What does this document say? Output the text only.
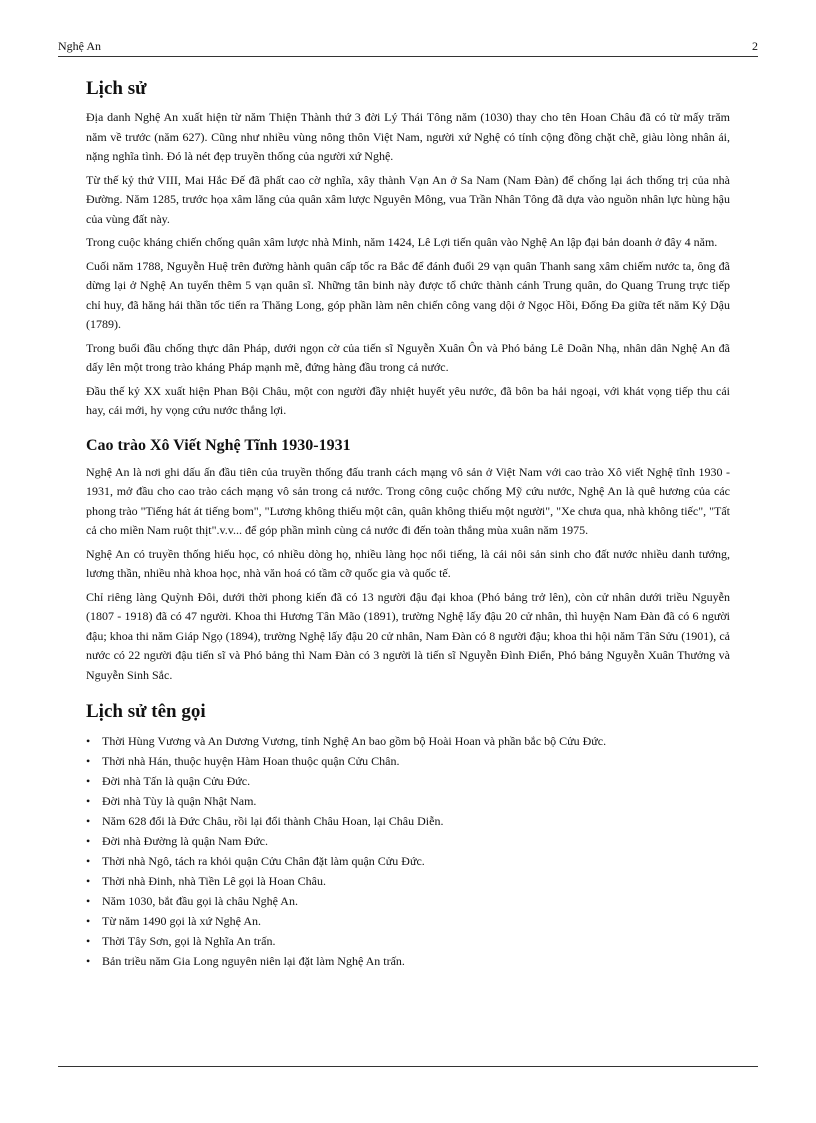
Nghệ An	2
Lịch sử

Địa danh Nghệ An xuất hiện từ năm Thiện Thành thứ 3 đời Lý Thái Tông năm (1030) thay cho tên Hoan Châu đã có từ mấy trăm năm về trước (năm 627). Cũng như nhiều vùng nông thôn Việt Nam, người xứ Nghệ có tính cộng đồng chặt chẽ, giàu lòng nhân ái, nặng nghĩa tình. Đó là nét đẹp truyền thống của người xứ Nghệ.

Từ thế kỷ thứ VIII, Mai Hắc Đế đã phất cao cờ nghĩa, xây thành Vạn An ở Sa Nam (Nam Đàn) để chống lại ách thống trị của nhà Đường. Năm 1285, trước họa xâm lăng của quân xâm lược Nguyên Mông, vua Trần Nhân Tông đã dựa vào nguồn nhân lực hùng hậu của vùng đất này.

Trong cuộc kháng chiến chống quân xâm lược nhà Minh, năm 1424, Lê Lợi tiến quân vào Nghệ An lập đại bản doanh ở đây 4 năm.

Cuối năm 1788, Nguyễn Huệ trên đường hành quân cấp tốc ra Bắc để đánh đuổi 29 vạn quân Thanh sang xâm chiếm nước ta, ông đã dừng lại ở Nghệ An tuyển thêm 5 vạn quân sĩ. Những tân binh này được tổ chức thành cánh Trung quân, do Quang Trung trực tiếp chỉ huy, đã hăng hái thần tốc tiến ra Thăng Long, góp phần làm nên chiến công vang dội ở Ngọc Hồi, Đống Đa giữa tết năm Kỷ Dậu (1789).

Trong buổi đầu chống thực dân Pháp, dưới ngọn cờ của tiến sĩ Nguyễn Xuân Ôn và Phó bảng Lê Doãn Nhạ, nhân dân Nghệ An đã dấy lên một trong trào kháng Pháp mạnh mẽ, đứng hàng đầu trong cả nước.

Đầu thế kỷ XX xuất hiện Phan Bội Châu, một con người đầy nhiệt huyết yêu nước, đã bôn ba hải ngoại, với khát vọng tiếp thu cái hay, cái mới, hy vọng cứu nước thắng lợi.

Cao trào Xô Viết Nghệ Tĩnh 1930-1931

Nghệ An là nơi ghi dấu ấn đầu tiên của truyền thống đấu tranh cách mạng vô sản ở Việt Nam với cao trào Xô viết Nghệ tĩnh 1930 - 1931, mở đầu cho cao trào cách mạng vô sản trong cả nước. Trong công cuộc chống Mỹ cứu nước, Nghệ An là quê hương của các phong trào "Tiếng hát át tiếng bom", "Lương không thiếu một cân, quân không thiếu một người", "Xe chưa qua, nhà không tiếc", "Tất cả cho miền Nam ruột thịt".v.v... để góp phần mình cùng cả nước đi đến toàn thắng mùa xuân năm 1975.

Nghệ An có truyền thống hiếu học, có nhiều dòng họ, nhiều làng học nổi tiếng, là cái nôi sản sinh cho đất nước nhiều danh tướng, lương thần, nhiều nhà khoa học, nhà văn hoá có tầm cỡ quốc gia và quốc tế.

Chỉ riêng làng Quỳnh Đôi, dưới thời phong kiến đã có 13 người đậu đại khoa (Phó bảng trở lên), còn cử nhân dưới triều Nguyễn (1807 - 1918) đã có 47 người. Khoa thi Hương Tân Mão (1891), trường Nghệ lấy đậu 20 cử nhân, thì huyện Nam Đàn đã có 6 người đậu; khoa thi năm Giáp Ngọ (1894), trường Nghệ lấy đậu 20 cử nhân, Nam Đàn có 8 người đậu; khoa thi hội năm Tân Sửu (1901), cả nước có 22 người đậu tiến sĩ và Phó bảng thì Nam Đàn có 3 người là tiến sĩ Nguyễn Đình Điển, Phó bảng Nguyễn Xuân Thưởng và Nguyễn Sinh Sắc.

Lịch sử tên gọi
• Thời Hùng Vương và An Dương Vương, tỉnh Nghệ An bao gồm bộ Hoài Hoan và phần bắc bộ Cửu Đức.
• Thời nhà Hán, thuộc huyện Hàm Hoan thuộc quận Cửu Chân.
• Đời nhà Tấn là quận Cửu Đức.
• Đời nhà Tùy là quận Nhật Nam.
• Năm 628 đổi là Đức Châu, rồi lại đổi thành Châu Hoan, lại Châu Diễn.
• Đời nhà Đường là quận Nam Đức.
• Thời nhà Ngô, tách ra khỏi quận Cửu Chân đặt làm quận Cửu Đức.
• Thời nhà Đinh, nhà Tiền Lê gọi là Hoan Châu.
• Năm 1030, bắt đầu gọi là châu Nghệ An.
• Từ năm 1490 gọi là xứ Nghệ An.
• Thời Tây Sơn, gọi là Nghĩa An trấn.
• Bản triều năm Gia Long nguyên niên lại đặt làm Nghệ An trấn.
